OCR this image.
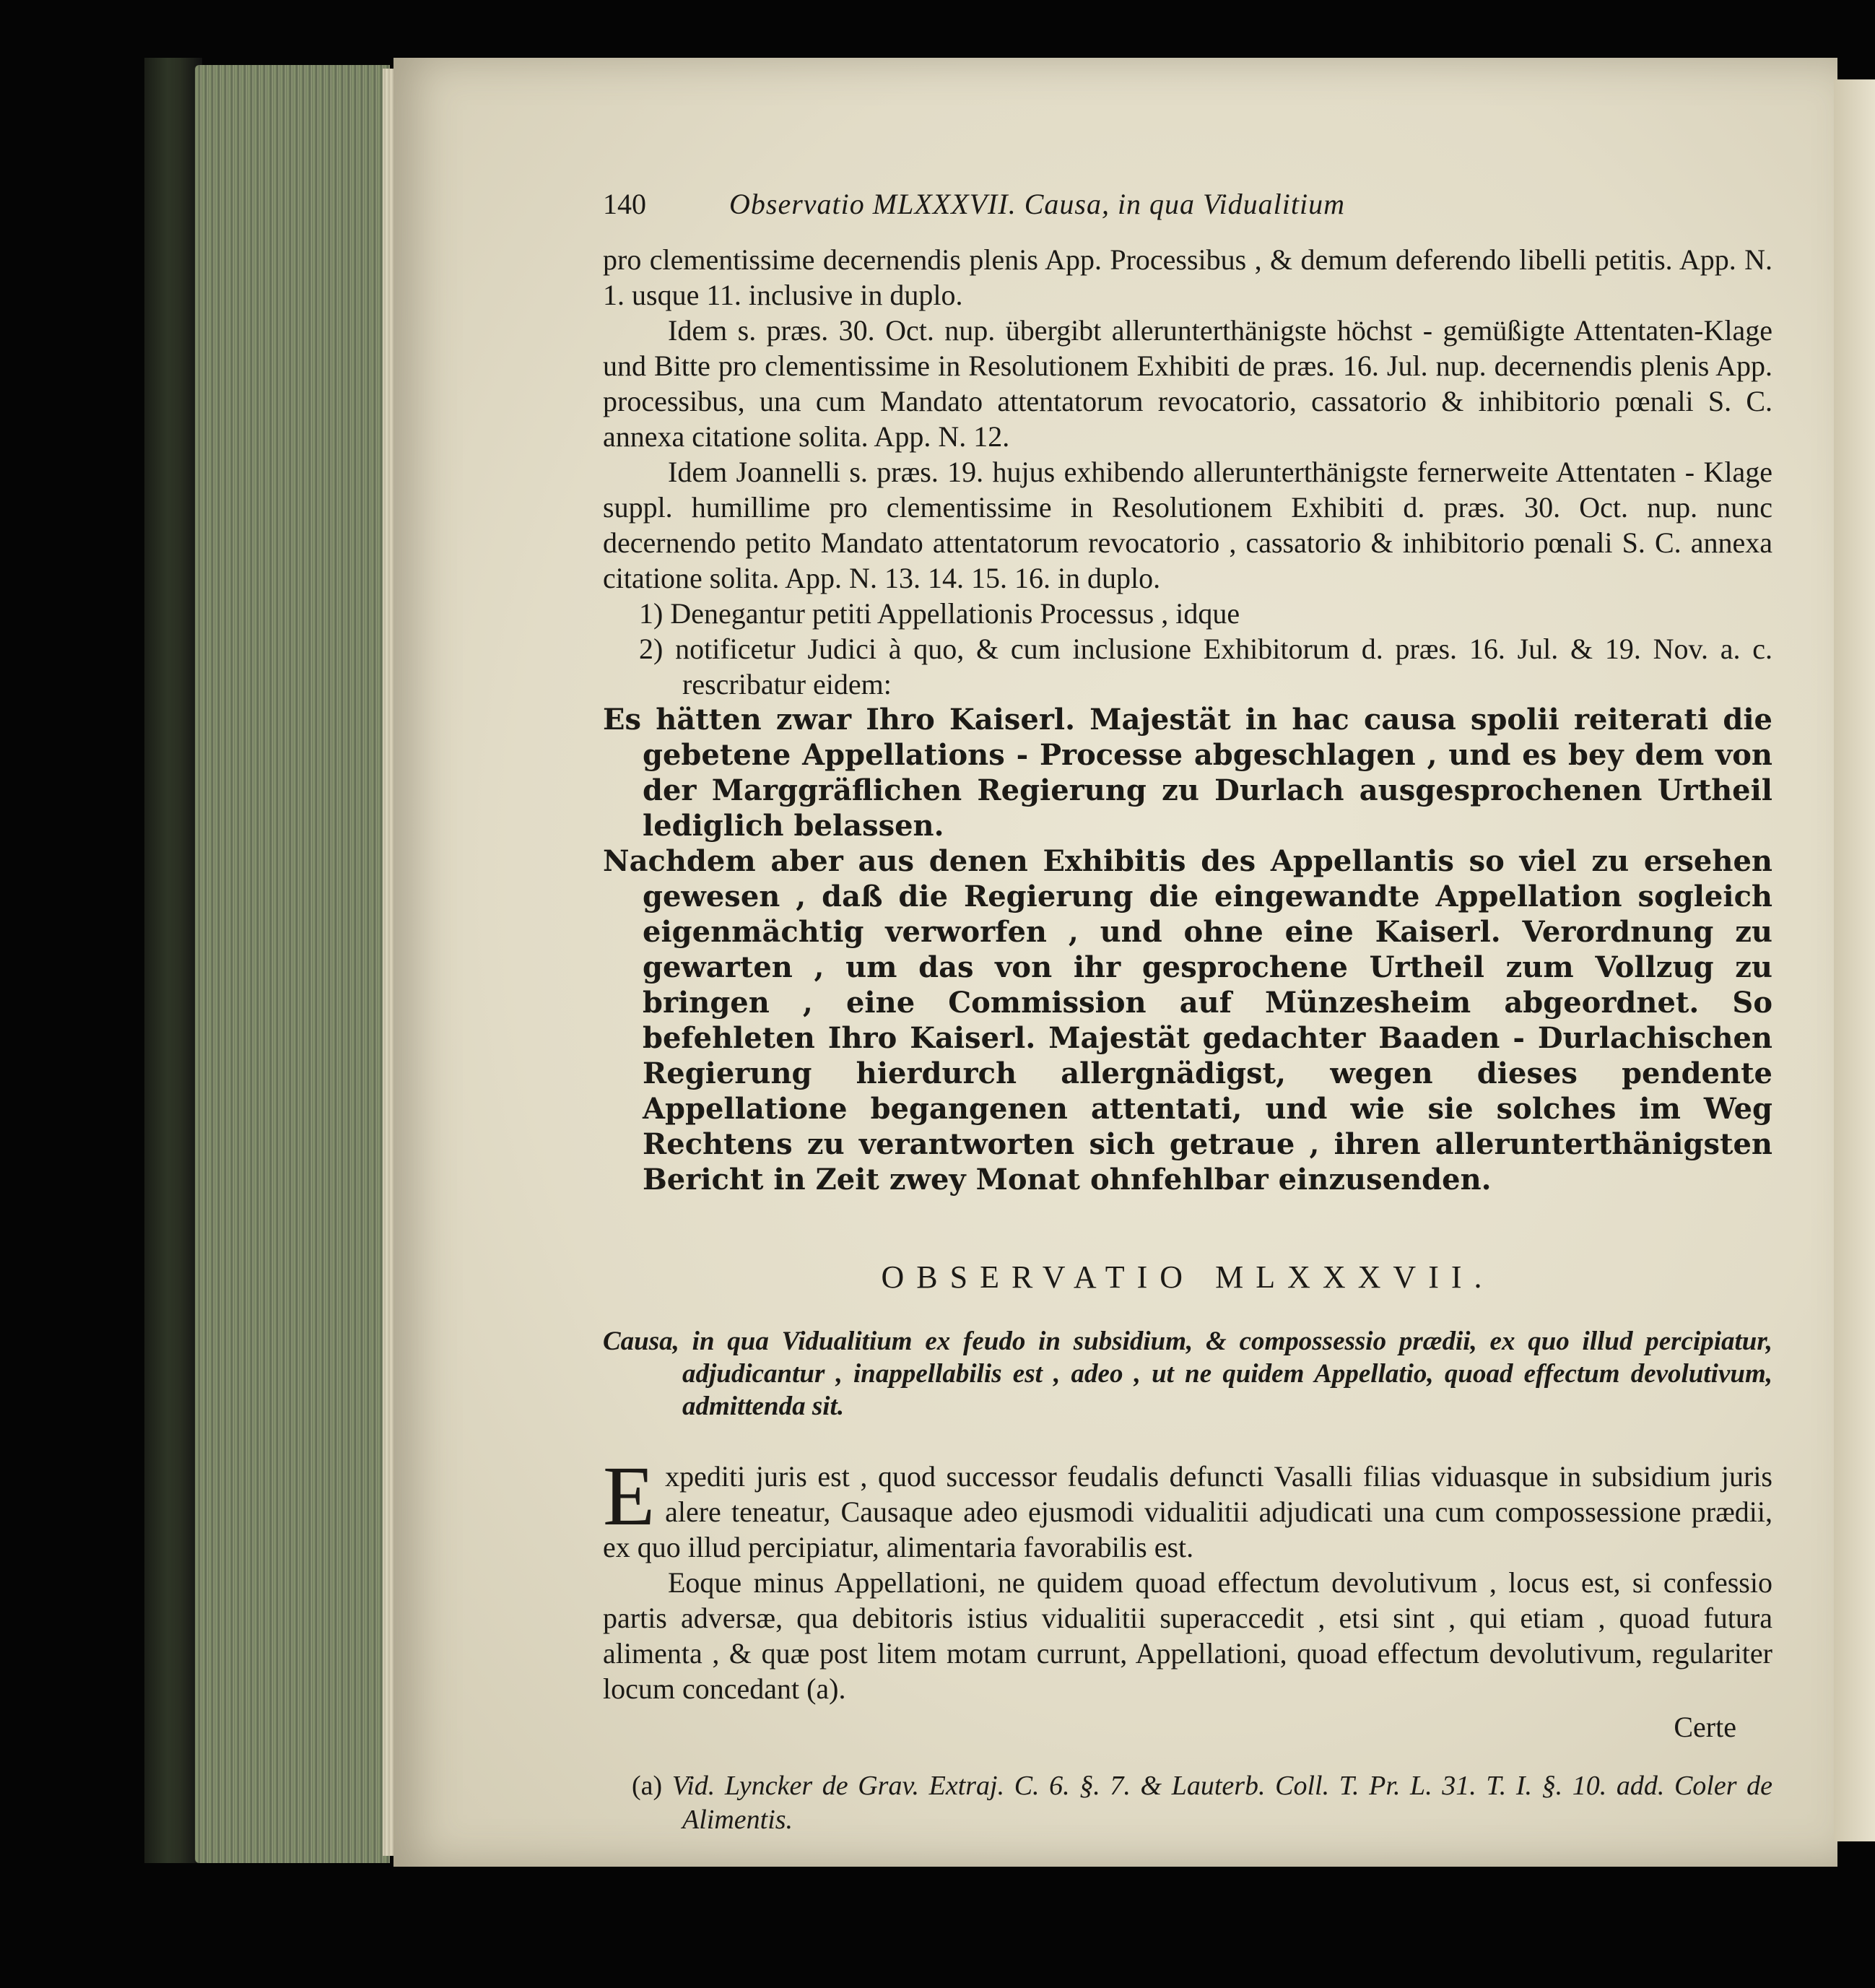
140	Observatio MLXXXVII. Causa, in qua Vidualitium

pro clementissime decernendis plenis App. Processibus , & demum deferendo libelli petitis. App. N. 1. usque 11. inclusive in duplo.

Idem s. præs. 30. Oct. nup. übergibt allerunterthänigste höchst - gemüßigte Attentaten-Klage und Bitte pro clementissime in Resolutionem Exhibiti de præs. 16. Jul. nup. decernendis plenis App. processibus, una cum Mandato attentatorum revocatorio, cassatorio & inhibitorio pœnali S. C. annexa citatione solita. App. N. 12.

Idem Joannelli s. præs. 19. hujus exhibendo allerunterthänigste fernerweite Attentaten - Klage suppl. humillime pro clementissime in Resolutionem Exhibiti d. præs. 30. Oct. nup. nunc decernendo petito Mandato attentatorum revocatorio , cassatorio & inhibitorio pœnali S. C. annexa citatione solita. App. N. 13. 14. 15. 16. in duplo.

1) Denegantur petiti Appellationis Processus , idque

2) notificetur Judici à quo, & cum inclusione Exhibitorum d. præs. 16. Jul. & 19. Nov. a. c. rescribatur eidem:

Es hätten zwar Ihro Kaiserl. Majestät in hac causa spolii reiterati die gebetene Appellations - Processe abgeschlagen , und es bey dem von der Marggräflichen Regierung zu Durlach ausgesprochenen Urtheil lediglich belassen.

Nachdem aber aus denen Exhibitis des Appellantis so viel zu ersehen gewesen , daß die Regierung die eingewandte Appellation sogleich eigenmächtig verworfen , und ohne eine Kaiserl. Verordnung zu gewarten , um das von ihr gesprochene Urtheil zum Vollzug zu bringen , eine Commission auf Münzesheim abgeordnet. So befehleten Ihro Kaiserl. Majestät gedachter Baaden - Durlachischen Regierung hierdurch allergnädigst, wegen dieses pendente Appellatione begangenen attentati, und wie sie solches im Weg Rechtens zu verantworten sich getraue , ihren allerunterthänigsten Bericht in Zeit zwey Monat ohnfehlbar einzusenden.

OBSERVATIO MLXXXVII.

Causa, in qua Vidualitium ex feudo in subsidium, & compossessio prædii, ex quo illud percipiatur, adjudicantur , inappellabilis est , adeo , ut ne quidem Appellatio, quoad effectum devolutivum, admittenda sit.

E xpediti juris est , quod successor feudalis defuncti Vasalli filias viduasque in subsidium juris alere teneatur, Causaque adeo ejusmodi vidualitii adjudicati una cum compossessione prædii, ex quo illud percipiatur, alimentaria favorabilis est.

Eoque minus Appellationi, ne quidem quoad effectum devolutivum , locus est, si confessio partis adversæ, qua debitoris istius vidualitii superaccedit , etsi sint , qui etiam , quoad futura alimenta , & quæ post litem motam currunt, Appellationi, quoad effectum devolutivum, regulariter locum concedant (a).

Certe

(a) Vid. Lyncker de Grav. Extraj. C. 6. §. 7. & Lauterb. Coll. T. Pr. L. 31. T. I. §. 10. add. Coler de Alimentis.
